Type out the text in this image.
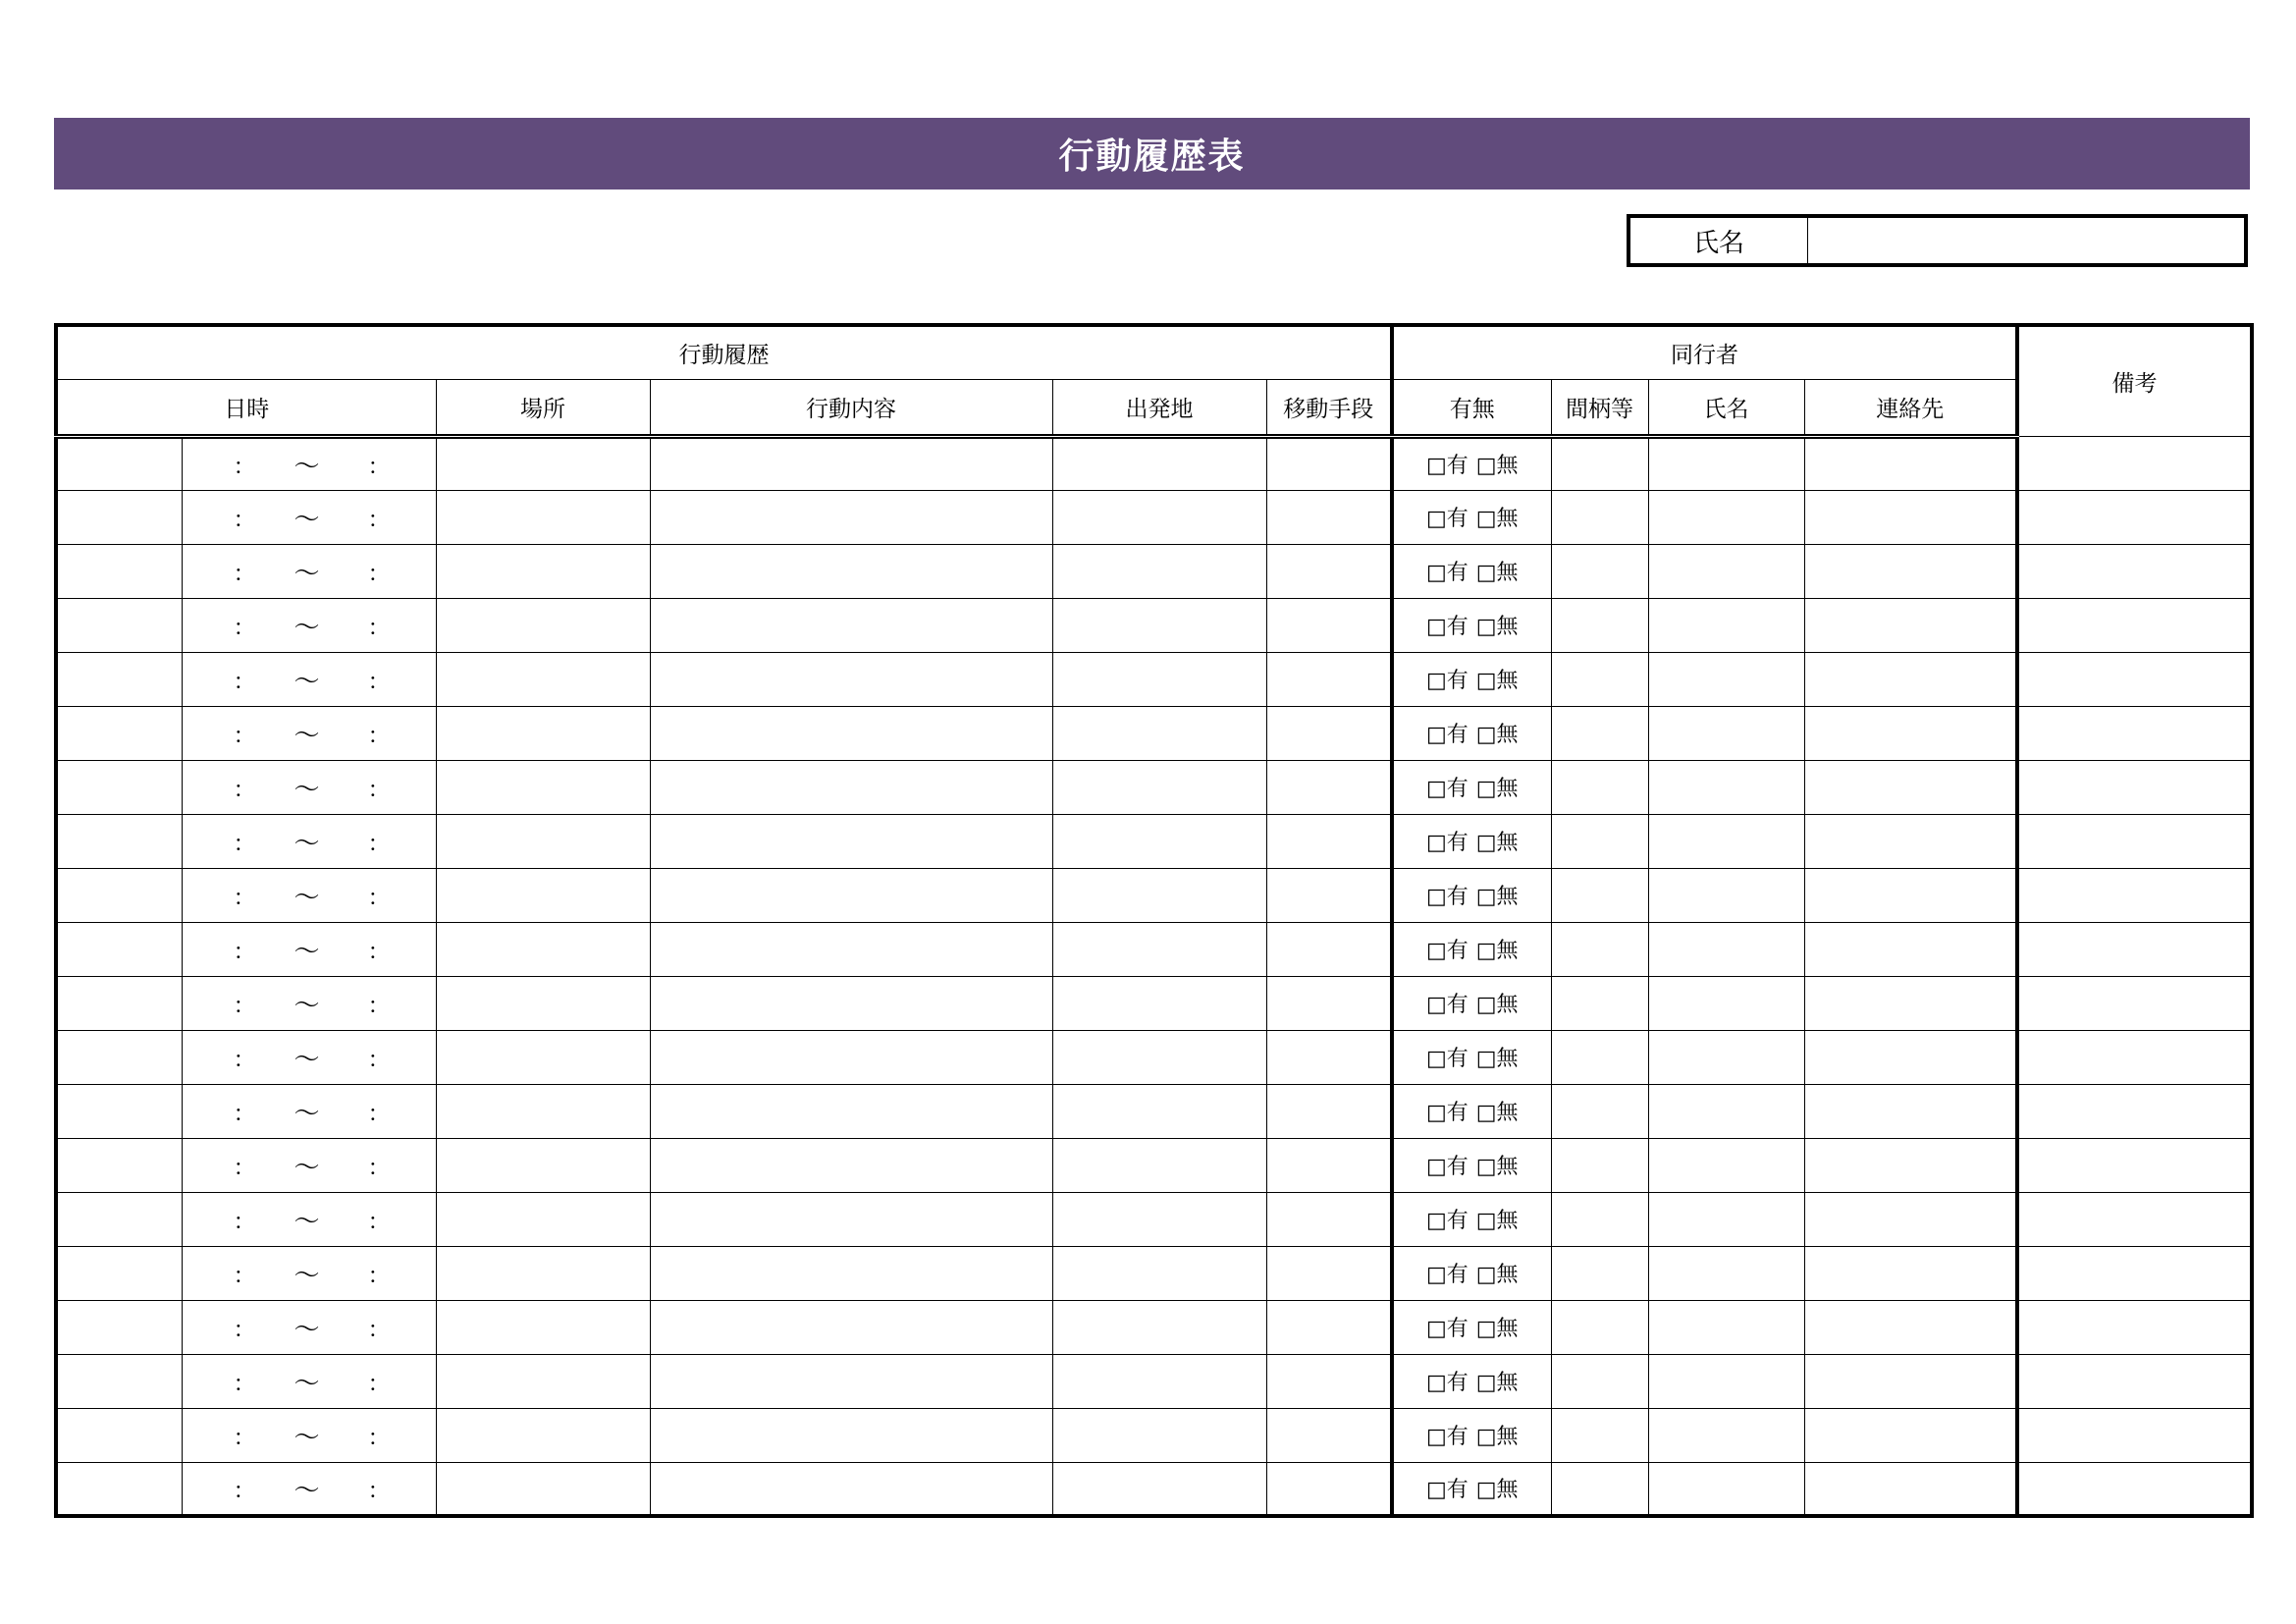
行動履歴表
氏名
行動履歴						同行者				備考
日時		場所	行動内容	出発地	移動手段	有無	間柄等	氏名	連絡先	

	： 〜 ：					□有 □無				

	： 〜 ：					□有 □無				

	： 〜 ：					□有 □無				

	： 〜 ：					□有 □無				

	： 〜 ：					□有 □無				

	： 〜 ：					□有 □無				

	： 〜 ：					□有 □無				

	： 〜 ：					□有 □無				

	： 〜 ：					□有 □無				

	： 〜 ：					□有 □無				

	： 〜 ：					□有 □無				

	： 〜 ：					□有 □無				

	： 〜 ：					□有 □無				

	： 〜 ：					□有 □無				

	： 〜 ：					□有 □無				

	： 〜 ：					□有 □無				

	： 〜 ：					□有 □無				

	： 〜 ：					□有 □無				

	： 〜 ：					□有 □無				

	： 〜 ：					□有 □無				
